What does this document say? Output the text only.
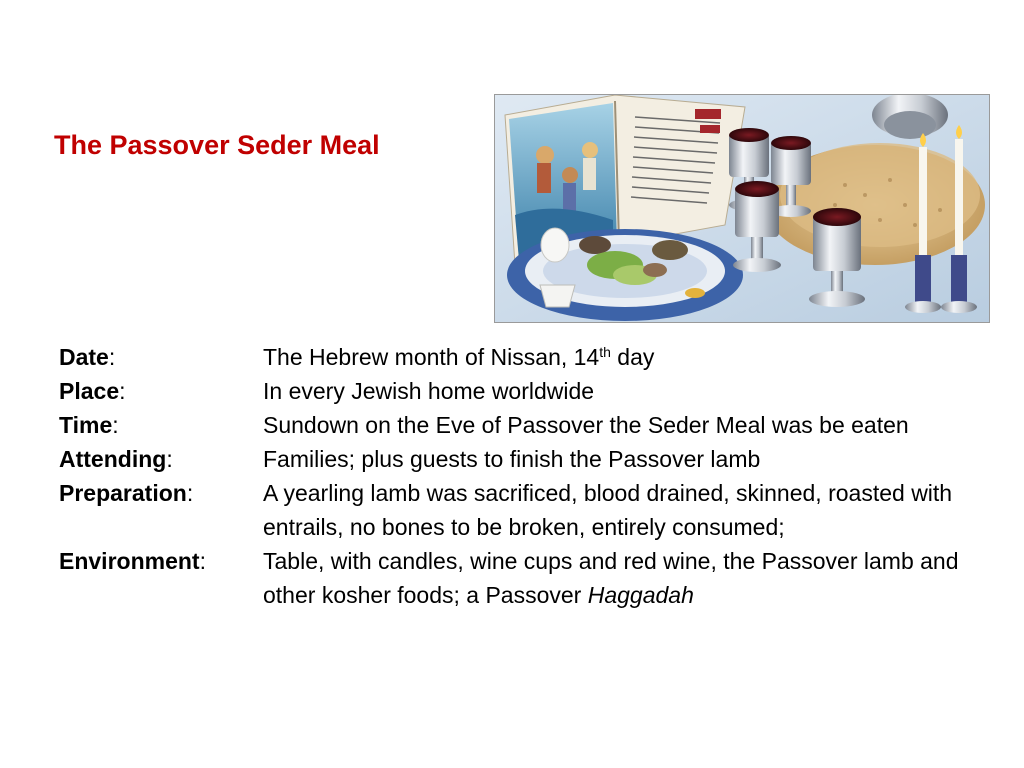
The Passover Seder Meal
Date:	The Hebrew month of Nissan, 14th day
Place:	In every Jewish home worldwide
Time:	Sundown on the Eve of Passover the Seder Meal was be eaten
Attending:	Families; plus guests to finish the Passover lamb
Preparation:	A yearling lamb was sacrificed, blood drained, skinned, roasted with entrails, no bones to be broken, entirely consumed;
Environment: Table, with candles, wine cups and red wine, the Passover lamb and other kosher foods; a Passover Haggadah
